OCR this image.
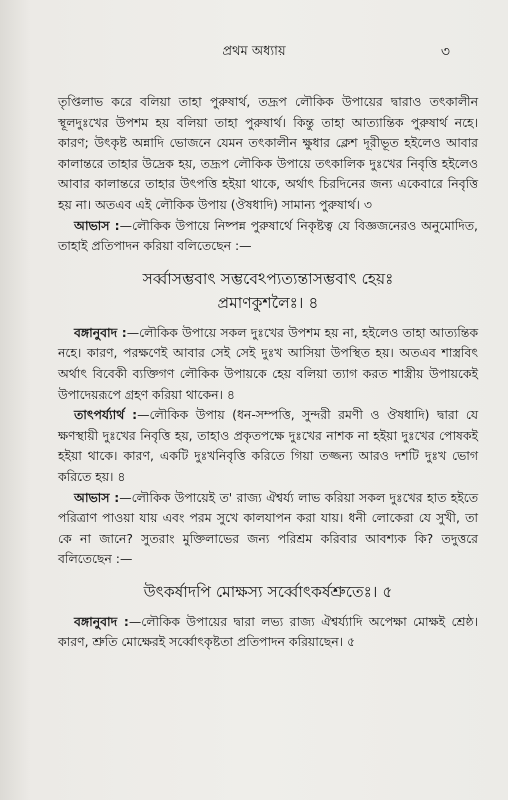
প্রথম অধ্যায়	৩

তৃপ্তিলাভ করে বলিয়া তাহা পুরুষার্থ, তদ্রূপ লৌকিক উপায়ের দ্বারাও তৎকালীন স্থূলদুঃখের উপশম হয় বলিয়া তাহা পুরুষার্থ। কিন্তু তাহা আত্যান্তিক পুরুষার্থ নহে। কারণ; উৎকৃষ্ট অন্নাদি ভোজনে যেমন তৎকালীন ক্ষুধার ক্লেশ দূরীভূত হইলেও আবার কালান্তরে তাহার উদ্রেক হয়, তদ্রূপ লৌকিক উপায়ে তৎকালিক দুঃখের নিবৃত্তি হইলেও আবার কালান্তরে তাহার উৎপত্তি হইয়া থাকে, অর্থাৎ চিরদিনের জন্য একেবারে নিবৃত্তি হয় না। অতএব এই লৌকিক উপায় (ঔষধাদি) সামান্য পুরুষার্থ। ৩

আভাস :—লৌকিক উপায়ে নিষ্পন্ন পুরুষার্থে নিকৃষ্টত্ব যে বিজ্ঞজনেরও অনুমোদিত, তাহাই প্রতিপাদন করিয়া বলিতেছেন :—

সর্ব্বাসম্ভবাৎ সম্ভবেঽপ্যত্যন্তাসম্ভবাৎ হেয়ঃ
প্রমাণকুশলৈঃ। ৪

বঙ্গানুবাদ :—লৌকিক উপায়ে সকল দুঃখের উপশম হয় না, হইলেও তাহা আত্যন্তিক নহে। কারণ, পরক্ষণেই আবার সেই সেই দুঃখ আসিয়া উপস্থিত হয়। অতএব শাস্ত্রবিৎ অর্থাৎ বিবেকী ব্যক্তিগণ লৌকিক উপায়কে হেয় বলিয়া ত্যাগ করত শাস্ত্রীয় উপায়কেই উপাদেয়রূপে গ্রহণ করিয়া থাকেন। ৪

তাৎপর্য্যার্থ :—লৌকিক উপায় (ধন-সম্পত্তি, সুন্দরী রমণী ও ঔষধাদি) দ্বারা যে ক্ষণস্থায়ী দুঃখের নিবৃত্তি হয়, তাহাও প্রকৃতপক্ষে দুঃখের নাশক না হইয়া দুঃখের পোষকই হইয়া থাকে। কারণ, একটি দুঃখনিবৃত্তি করিতে গিয়া তজ্জন্য আরও দশটি দুঃখ ভোগ করিতে হয়। ৪

আভাস :—লৌকিক উপায়েই ত' রাজ্য ঐশ্বর্য্য লাভ করিয়া সকল দুঃখের হাত হইতে পরিত্রাণ পাওয়া যায় এবং পরম সুখে কালযাপন করা যায়। ধনী লোকেরা যে সুখী, তা কে না জানে? সুতরাং মুক্তিলাভের জন্য পরিশ্রম করিবার আবশ্যক কি? তদুত্তরে বলিতেছেন :—

উৎকর্ষাদপি মোক্ষস্য সর্ব্বোৎকর্ষশ্রুতেঃ। ৫

বঙ্গানুবাদ :—লৌকিক উপায়ের দ্বারা লভ্য রাজ্য ঐশ্বর্য্যাদি অপেক্ষা মোক্ষই শ্রেষ্ঠ। কারণ, শ্রুতি মোক্ষেরই সর্ব্বোৎকৃষ্টতা প্রতিপাদন করিয়াছেন। ৫
